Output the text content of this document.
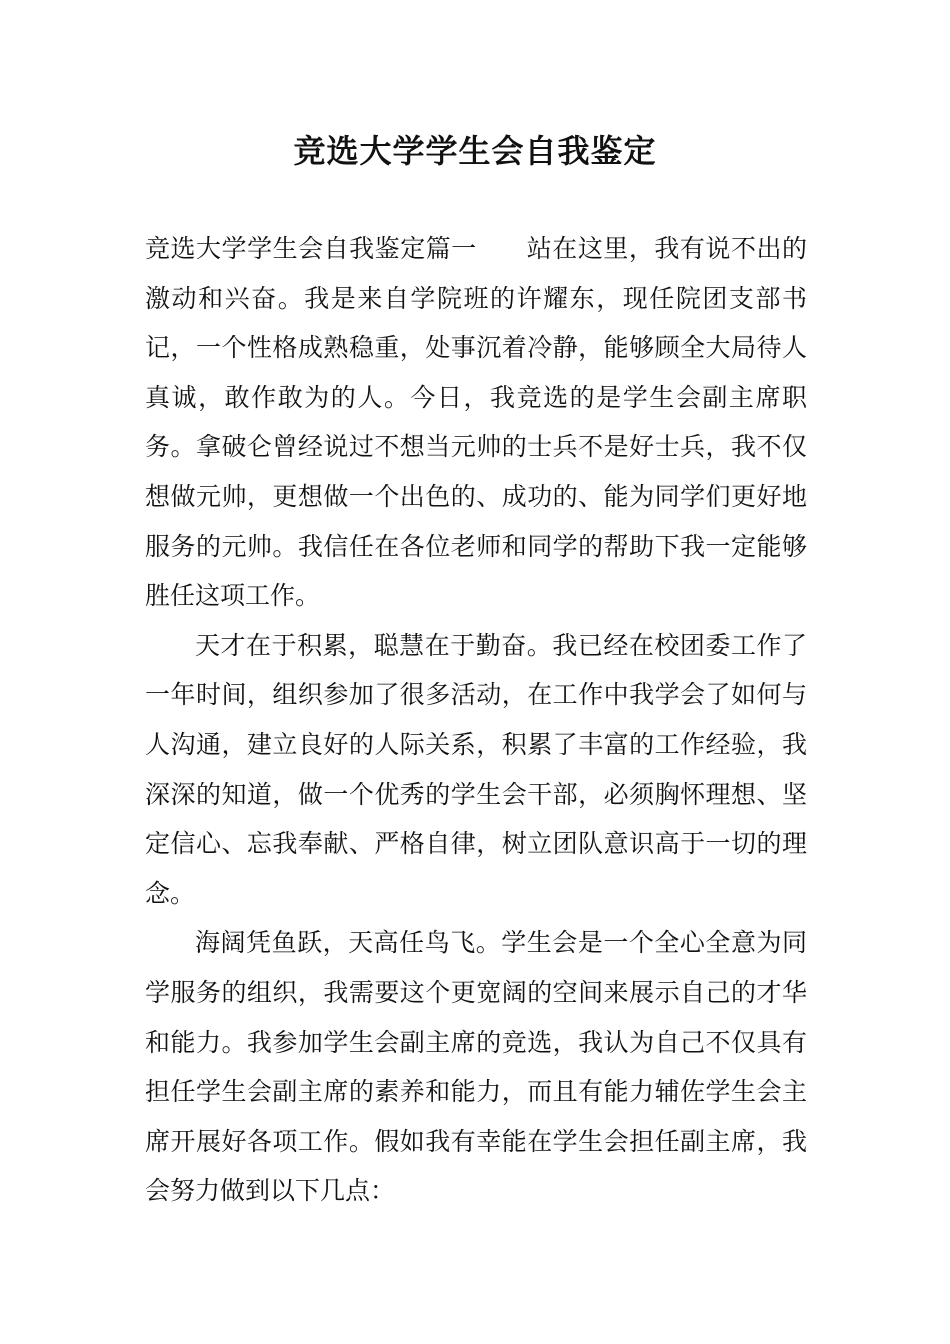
竞选大学学生会自我鉴定

竞选大学学生会自我鉴定篇一 站在这里，我有说不出的激动和兴奋。我是来自学院班的许耀东，现任院团支部书记，一个性格成熟稳重，处事沉着冷静，能够顾全大局待人真诚，敢作敢为的人。今日，我竞选的是学生会副主席职务。拿破仑曾经说过不想当元帅的士兵不是好士兵，我不仅想做元帅，更想做一个出色的、成功的、能为同学们更好地服务的元帅。我信任在各位老师和同学的帮助下我一定能够胜任这项工作。

天才在于积累，聪慧在于勤奋。我已经在校团委工作了一年时间，组织参加了很多活动，在工作中我学会了如何与人沟通，建立良好的人际关系，积累了丰富的工作经验，我深深的知道，做一个优秀的学生会干部，必须胸怀理想、坚定信心、忘我奉献、严格自律，树立团队意识高于一切的理念。

海阔凭鱼跃，天高任鸟飞。学生会是一个全心全意为同学服务的组织，我需要这个更宽阔的空间来展示自己的才华和能力。我参加学生会副主席的竞选，我认为自己不仅具有担任学生会副主席的素养和能力，而且有能力辅佐学生会主席开展好各项工作。假如我有幸能在学生会担任副主席，我会努力做到以下几点：
